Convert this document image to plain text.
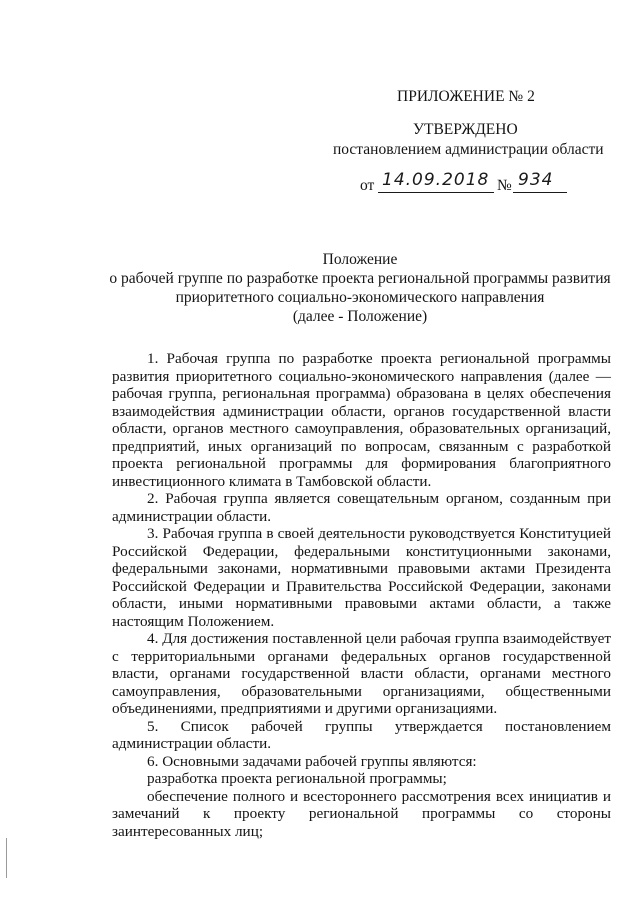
ПРИЛОЖЕНИЕ № 2
УТВЕРЖДЕНО
постановлением администрации области
от 14.09.2018 № 934
Положение
о рабочей группе по разработке проекта региональной программы развития
приоритетного социально-экономического направления
(далее - Положение)

1. Рабочая группа по разработке проекта региональной программы развития приоритетного социально-экономического направления (далее — рабочая группа, региональная программа) образована в целях обеспечения взаимодействия администрации области, органов государственной власти области, органов местного самоуправления, образовательных организаций, предприятий, иных организаций по вопросам, связанным с разработкой проекта региональной программы для формирования благоприятного инвестиционного климата в Тамбовской области.

2. Рабочая группа является совещательным органом, созданным при администрации области.

3. Рабочая группа в своей деятельности руководствуется Конституцией Российской Федерации, федеральными конституционными законами, федеральными законами, нормативными правовыми актами Президента Российской Федерации и Правительства Российской Федерации, законами области, иными нормативными правовыми актами области, а также настоящим Положением.

4. Для достижения поставленной цели рабочая группа взаимодействует с территориальными органами федеральных органов государственной власти, органами государственной власти области, органами местного самоуправления, образовательными организациями, общественными объединениями, предприятиями и другими организациями.

5. Список рабочей группы утверждается постановлением

администрации области.

6. Основными задачами рабочей группы являются:

разработка проекта региональной программы;

обеспечение полного и всестороннего рассмотрения всех инициатив и замечаний к проекту региональной программы со стороны заинтересованных лиц;
